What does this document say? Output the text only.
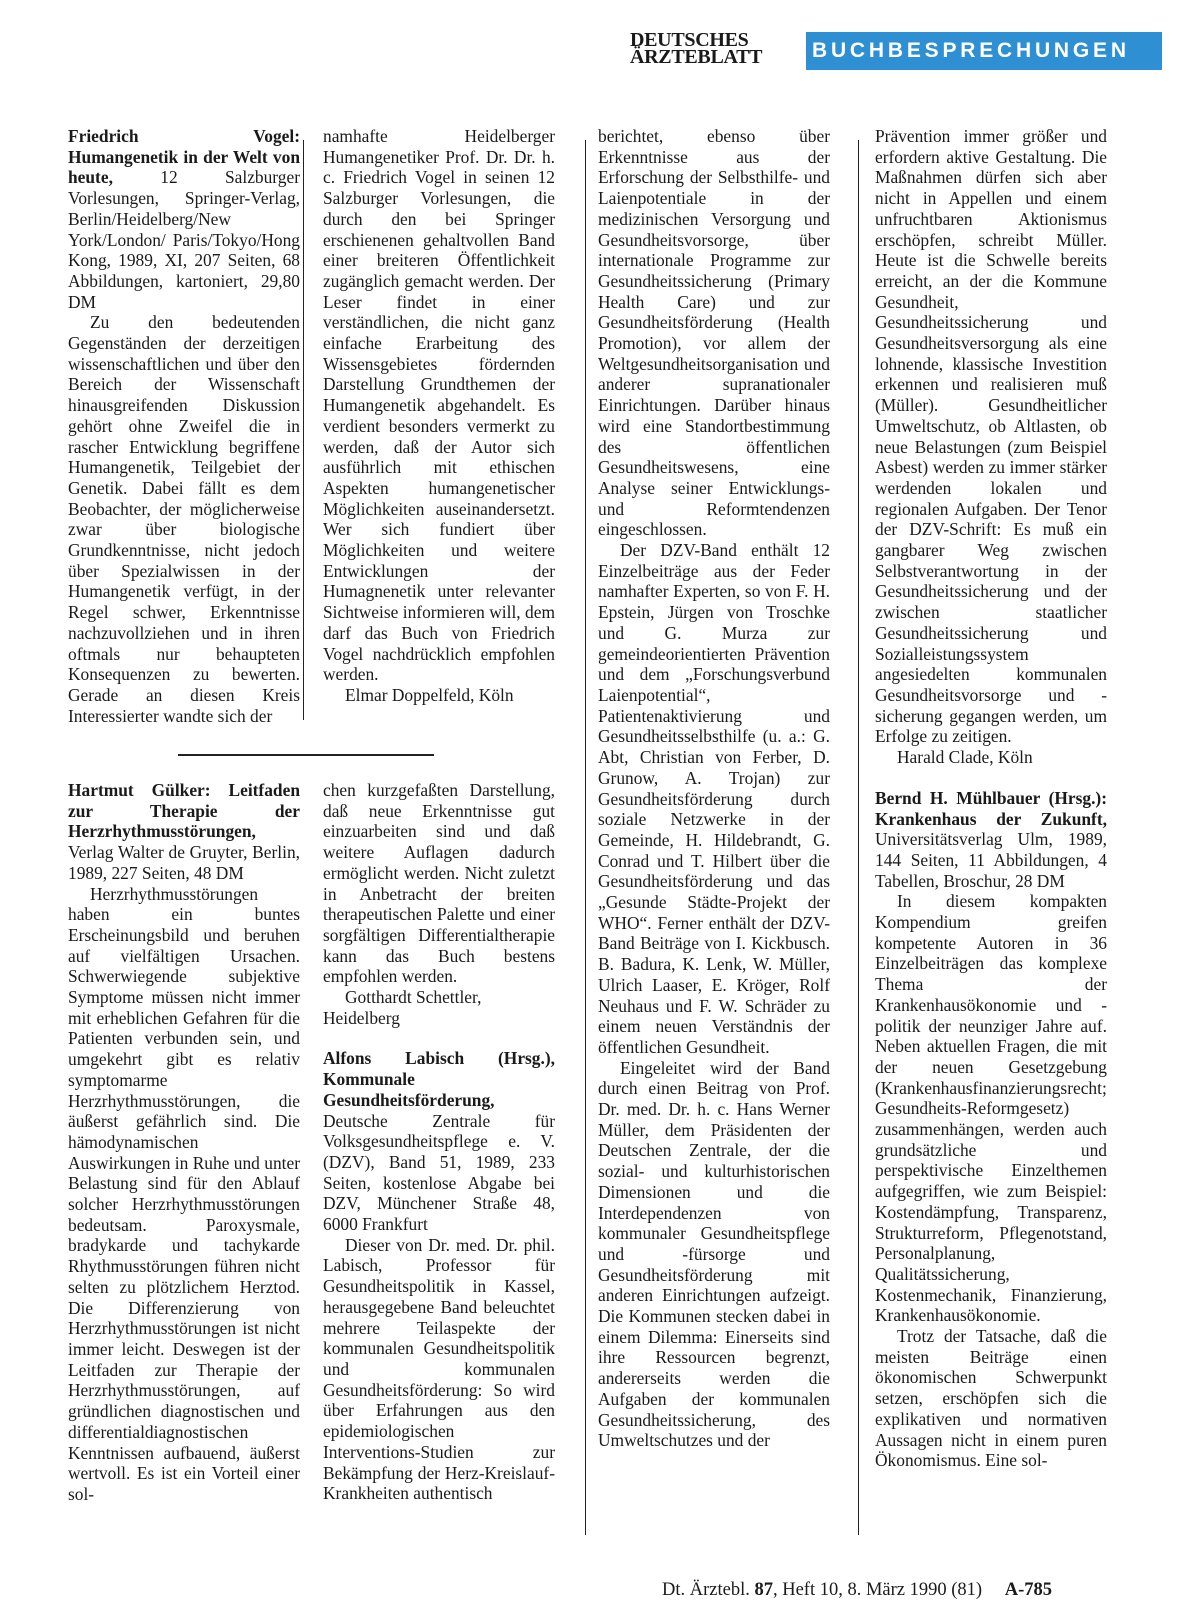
DEUTSCHES
ÄRZTEBLATT	BUCHBESPRECHUNGEN

Friedrich Vogel: Humangenetik in der Welt von heute, 12 Salzburger Vorlesungen, Springer-Verlag, Berlin/Heidelberg/New York/London/ Paris/Tokyo/Hong Kong, 1989, XI, 207 Seiten, 68 Abbildungen, kartoniert, 29,80 DM

Zu den bedeutenden Gegenständen der derzeitigen wissenschaftlichen und über den Bereich der Wissenschaft hinausgreifenden Diskussion gehört ohne Zweifel die in rascher Entwicklung begriffene Humangenetik, Teilgebiet der Genetik. Dabei fällt es dem Beobachter, der möglicherweise zwar über biologische Grundkenntnisse, nicht jedoch über Spezialwissen in der Humangenetik verfügt, in der Regel schwer, Erkenntnisse nachzuvollziehen und in ihren oftmals nur behaupteten Konsequenzen zu bewerten. Gerade an diesen Kreis Interessierter wandte sich der

Hartmut Gülker: Leitfaden zur Therapie der Herzrhythmusstörungen, Verlag Walter de Gruyter, Berlin, 1989, 227 Seiten, 48 DM

Herzrhythmusstörungen haben ein buntes Erscheinungsbild und beruhen auf vielfältigen Ursachen. Schwerwiegende subjektive Symptome müssen nicht immer mit erheblichen Gefahren für die Patienten verbunden sein, und umgekehrt gibt es relativ symptomarme Herzrhythmusstörungen, die äußerst gefährlich sind. Die hämodynamischen Auswirkungen in Ruhe und unter Belastung sind für den Ablauf solcher Herzrhythmusstörungen bedeutsam. Paroxysmale, bradykarde und tachykarde Rhythmusstörungen führen nicht selten zu plötzlichem Herztod. Die Differenzierung von Herzrhythmusstörungen ist nicht immer leicht. Deswegen ist der Leitfaden zur Therapie der Herzrhythmusstörungen, auf gründlichen diagnostischen und differentialdiagnostischen Kenntnissen aufbauend, äußerst wertvoll. Es ist ein Vorteil einer sol-

namhafte Heidelberger Humangenetiker Prof. Dr. Dr. h. c. Friedrich Vogel in seinen 12 Salzburger Vorlesungen, die durch den bei Springer erschienenen gehaltvollen Band einer breiteren Öffentlichkeit zugänglich gemacht werden. Der Leser findet in einer verständlichen, die nicht ganz einfache Erarbeitung des Wissensgebietes fördernden Darstellung Grundthemen der Humangenetik abgehandelt. Es verdient besonders vermerkt zu werden, daß der Autor sich ausführlich mit ethischen Aspekten humangenetischer Möglichkeiten auseinandersetzt. Wer sich fundiert über Möglichkeiten und weitere Entwicklungen der Humagnenetik unter relevanter Sichtweise informieren will, dem darf das Buch von Friedrich Vogel nachdrücklich empfohlen werden.

Elmar Doppelfeld, Köln

chen kurzgefaßten Darstellung, daß neue Erkenntnisse gut einzuarbeiten sind und daß weitere Auflagen dadurch ermöglicht werden. Nicht zuletzt in Anbetracht der breiten therapeutischen Palette und einer sorgfältigen Differentialtherapie kann das Buch bestens empfohlen werden.

Gotthardt Schettler,

Heidelberg

Alfons Labisch (Hrsg.), Kommunale Gesundheitsförderung, Deutsche Zentrale für Volksgesundheitspflege e. V. (DZV), Band 51, 1989, 233 Seiten, kostenlose Abgabe bei DZV, Münchener Straße 48, 6000 Frankfurt

Dieser von Dr. med. Dr. phil. Labisch, Professor für Gesundheitspolitik in Kassel, herausgegebene Band beleuchtet mehrere Teilaspekte der kommunalen Gesundheitspolitik und kommunalen Gesundheitsförderung: So wird über Erfahrungen aus den epidemiologischen Interventions-Studien zur Bekämpfung der Herz-Kreislauf-Krankheiten authentisch

berichtet, ebenso über Erkenntnisse aus der Erforschung der Selbsthilfe- und Laienpotentiale in der medizinischen Versorgung und Gesundheitsvorsorge, über internationale Programme zur Gesundheitssicherung (Primary Health Care) und zur Gesundheitsförderung (Health Promotion), vor allem der Weltgesundheitsorganisation und anderer supranationaler Einrichtungen. Darüber hinaus wird eine Standortbestimmung des öffentlichen Gesundheitswesens, eine Analyse seiner Entwicklungs- und Reformtendenzen eingeschlossen.

Der DZV-Band enthält 12 Einzelbeiträge aus der Feder namhafter Experten, so von F. H. Epstein, Jürgen von Troschke und G. Murza zur gemeindeorientierten Prävention und dem „Forschungsverbund Laienpotential“, Patientenaktivierung und Gesundheitsselbsthilfe (u. a.: G. Abt, Christian von Ferber, D. Grunow, A. Trojan) zur Gesundheitsförderung durch soziale Netzwerke in der Gemeinde, H. Hildebrandt, G. Conrad und T. Hilbert über die Gesundheitsförderung und das „Gesunde Städte-Projekt der WHO“. Ferner enthält der DZV-Band Beiträge von I. Kickbusch. B. Badura, K. Lenk, W. Müller, Ulrich Laaser, E. Kröger, Rolf Neuhaus und F. W. Schräder zu einem neuen Verständnis der öffentlichen Gesundheit.

Eingeleitet wird der Band durch einen Beitrag von Prof. Dr. med. Dr. h. c. Hans Werner Müller, dem Präsidenten der Deutschen Zentrale, der die sozial- und kulturhistorischen Dimensionen und die Interdependenzen von kommunaler Gesundheitspflege und -fürsorge und Gesundheitsförderung mit anderen Einrichtungen aufzeigt. Die Kommunen stecken dabei in einem Dilemma: Einerseits sind ihre Ressourcen begrenzt, andererseits werden die Aufgaben der kommunalen Gesundheitssicherung, des Umweltschutzes und der

Prävention immer größer und erfordern aktive Gestaltung. Die Maßnahmen dürfen sich aber nicht in Appellen und einem unfruchtbaren Aktionismus erschöpfen, schreibt Müller. Heute ist die Schwelle bereits erreicht, an der die Kommune Gesundheit, Gesundheitssicherung und Gesundheitsversorgung als eine lohnende, klassische Investition erkennen und realisieren muß (Müller). Gesundheitlicher Umweltschutz, ob Altlasten, ob neue Belastungen (zum Beispiel Asbest) werden zu immer stärker werdenden lokalen und regionalen Aufgaben. Der Tenor der DZV-Schrift: Es muß ein gangbarer Weg zwischen Selbstverantwortung in der Gesundheitssicherung und der zwischen staatlicher Gesundheitssicherung und Sozialleistungssystem angesiedelten kommunalen Gesundheitsvorsorge und -sicherung gegangen werden, um Erfolge zu zeitigen.

Harald Clade, Köln

Bernd H. Mühlbauer (Hrsg.): Krankenhaus der Zukunft, Universitätsverlag Ulm, 1989, 144 Seiten, 11 Abbildungen, 4 Tabellen, Broschur, 28 DM

In diesem kompakten Kompendium greifen kompetente Autoren in 36 Einzelbeiträgen das komplexe Thema der Krankenhausökonomie und -politik der neunziger Jahre auf. Neben aktuellen Fragen, die mit der neuen Gesetzgebung (Krankenhausfinanzierungsrecht; Gesundheits-Reformgesetz) zusammenhängen, werden auch grundsätzliche und perspektivische Einzelthemen aufgegriffen, wie zum Beispiel: Kostendämpfung, Transparenz, Strukturreform, Pflegenotstand, Personalplanung, Qualitätssicherung, Kostenmechanik, Finanzierung, Krankenhausökonomie.

Trotz der Tatsache, daß die meisten Beiträge einen ökonomischen Schwerpunkt setzen, erschöpfen sich die explikativen und normativen Aussagen nicht in einem puren Ökonomismus. Eine sol-

Dt. Ärztebl. 87, Heft 10, 8. März 1990 (81) A-785
